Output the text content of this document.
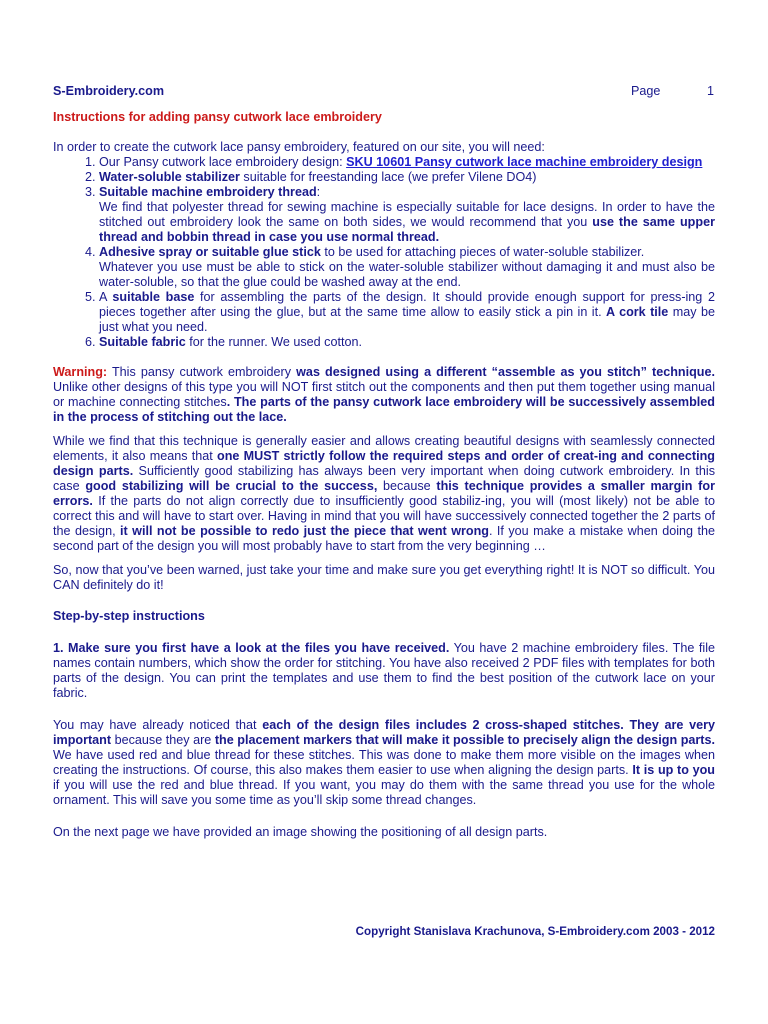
S-Embroidery.com	Page	1
Instructions for adding pansy cutwork lace embroidery

In order to create the cutwork lace pansy embroidery, featured on our site, you will need:

1. Our Pansy cutwork lace embroidery design: SKU 10601 Pansy cutwork lace machine embroidery design
2. Water-soluble stabilizer suitable for freestanding lace (we prefer Vilene DO4)
3. Suitable machine embroidery thread:
We find that polyester thread for sewing machine is especially suitable for lace designs. In order to have the stitched out embroidery look the same on both sides, we would recommend that you use the same upper thread and bobbin thread in case you use normal thread.
4. Adhesive spray or suitable glue stick to be used for attaching pieces of water-soluble stabilizer.
Whatever you use must be able to stick on the water-soluble stabilizer without damaging it and must also be water-soluble, so that the glue could be washed away at the end.
5. A suitable base for assembling the parts of the design. It should provide enough support for press-ing 2 pieces together after using the glue, but at the same time allow to easily stick a pin in it. A cork tile may be just what you need.
6. Suitable fabric for the runner. We used cotton.

Warning: This pansy cutwork embroidery was designed using a different “assemble as you stitch” technique. Unlike other designs of this type you will NOT first stitch out the components and then put them together using manual or machine connecting stitches. The parts of the pansy cutwork lace embroidery will be successively assembled in the process of stitching out the lace.

While we find that this technique is generally easier and allows creating beautiful designs with seamlessly connected elements, it also means that one MUST strictly follow the required steps and order of creat-ing and connecting design parts. Sufficiently good stabilizing has always been very important when doing cutwork embroidery. In this case good stabilizing will be crucial to the success, because this technique provides a smaller margin for errors. If the parts do not align correctly due to insufficiently good stabiliz-ing, you will (most likely) not be able to correct this and will have to start over. Having in mind that you will have successively connected together the 2 parts of the design, it will not be possible to redo just the piece that went wrong. If you make a mistake when doing the second part of the design you will most probably have to start from the very beginning …

So, now that you’ve been warned, just take your time and make sure you get everything right! It is NOT so difficult. You CAN definitely do it!

Step-by-step instructions

1. Make sure you first have a look at the files you have received. You have 2 machine embroidery files. The file names contain numbers, which show the order for stitching. You have also received 2 PDF files with templates for both parts of the design. You can print the templates and use them to find the best position of the cutwork lace on your fabric.

You may have already noticed that each of the design files includes 2 cross-shaped stitches. They are very important because they are the placement markers that will make it possible to precisely align the design parts. We have used red and blue thread for these stitches. This was done to make them more visible on the images when creating the instructions. Of course, this also makes them easier to use when aligning the design parts. It is up to you if you will use the red and blue thread. If you want, you may do them with the same thread you use for the whole ornament. This will save you some time as you’ll skip some thread changes.

On the next page we have provided an image showing the positioning of all design parts.

Copyright Stanislava Krachunova, S-Embroidery.com 2003 - 2012
